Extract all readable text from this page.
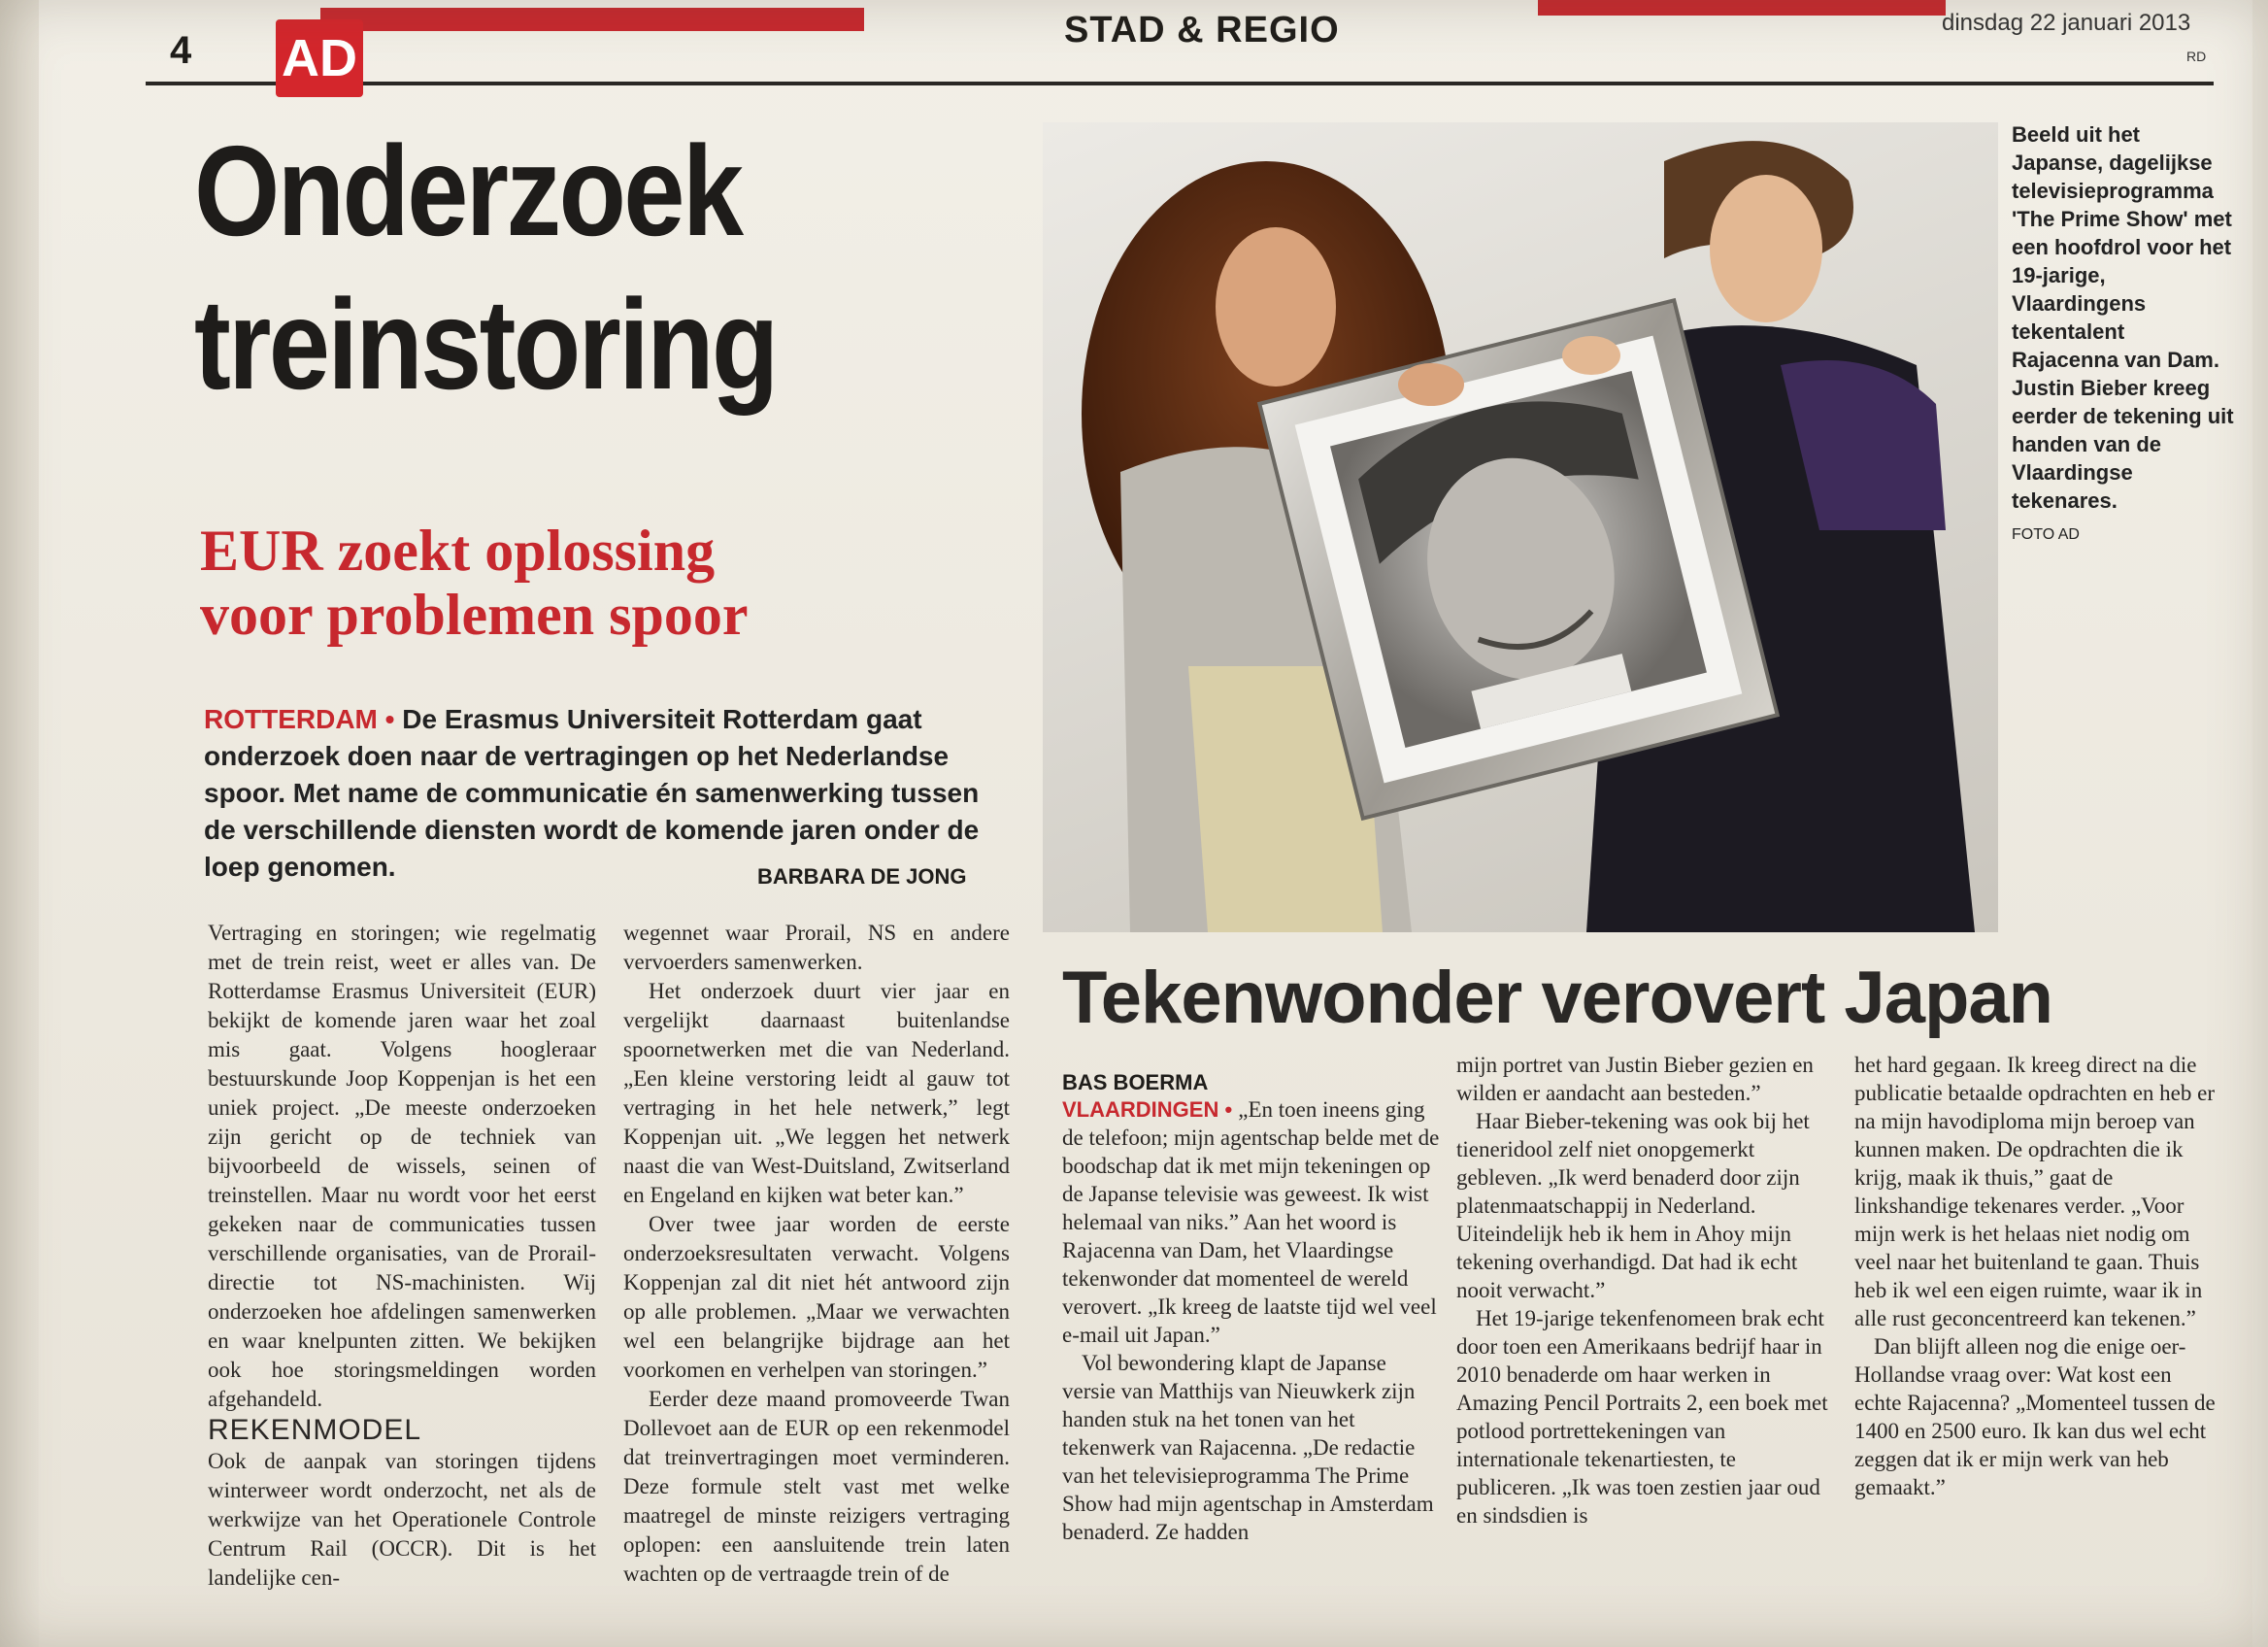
4 AD	STAD & REGIO	dinsdag 22 januari 2013
RD
Onderzoek
treinstoring
EUR zoekt oplossing
voor problemen spoor
ROTTERDAM • De Erasmus Universiteit Rotterdam gaat onderzoek doen naar de vertragingen op het Nederlandse spoor. Met name de communicatie én samenwerking tussen de verschillende diensten wordt de komende jaren onder de loep genomen.	BARBARA DE JONG

Vertraging en storingen; wie regelmatig met de trein reist, weet er alles van. De Rotterdamse Erasmus Universiteit (EUR) bekijkt de komende jaren waar het zoal mis gaat. Volgens hoogleraar bestuurskunde Joop Koppenjan is het een uniek project. „De meeste onderzoeken zijn gericht op de techniek van bijvoorbeeld de wissels, seinen of treinstellen. Maar nu wordt voor het eerst gekeken naar de communicaties tussen verschillende organisaties, van de Proraildirectie tot NS-machinisten. Wij onderzoeken hoe afdelingen samenwerken en waar knelpunten zitten. We bekijken ook hoe storingsmeldingen worden afgehandeld.

REKENMODEL

Ook de aanpak van storingen tijdens winterweer wordt onderzocht, net als de werkwijze van het Operationele Controle Centrum Rail (OCCR). Dit is het landelijke cen-

wegennet waar Prorail, NS en andere vervoerders samenwerken.

Het onderzoek duurt vier jaar en vergelijkt daarnaast buitenlandse spoornetwerken met die van Nederland. „Een kleine verstoring leidt al gauw tot vertraging in het hele netwerk,” legt Koppenjan uit. „We leggen het netwerk naast die van West-Duitsland, Zwitserland en Engeland en kijken wat beter kan.”

Over twee jaar worden de eerste onderzoeksresultaten verwacht. Volgens Koppenjan zal dit niet hét antwoord zijn op alle problemen. „Maar we verwachten wel een belangrijke bijdrage aan het voorkomen en verhelpen van storingen.”

Eerder deze maand promoveerde Twan Dollevoet aan de EUR op een rekenmodel dat treinvertragingen moet verminderen. Deze formule stelt vast met welke maatregel de minste reizigers vertraging oplopen: een aansluitende trein laten wachten op de vertraagde trein of de

Beeld uit het Japanse, dagelijkse televisieprogramma 'The Prime Show' met een hoofdrol voor het 19-jarige, Vlaardingens tekentalent Rajacenna van Dam. Justin Bieber kreeg eerder de tekening uit handen van de Vlaardingse tekenares.
FOTO AD
Tekenwonder verovert Japan
BAS BOERMA

VLAARDINGEN • „En toen ineens ging de telefoon; mijn agentschap belde met de boodschap dat ik met mijn tekeningen op de Japanse televisie was geweest. Ik wist helemaal van niks.” Aan het woord is Rajacenna van Dam, het Vlaardingse tekenwonder dat momenteel de wereld verovert. „Ik kreeg de laatste tijd wel veel e-mail uit Japan.”

Vol bewondering klapt de Japanse versie van Matthijs van Nieuwkerk zijn handen stuk na het tonen van het tekenwerk van Rajacenna. „De redactie van het televisieprogramma The Prime Show had mijn agentschap in Amsterdam benaderd. Ze hadden

mijn portret van Justin Bieber gezien en wilden er aandacht aan besteden.”

Haar Bieber-tekening was ook bij het tieneridool zelf niet onopgemerkt gebleven. „Ik werd benaderd door zijn platenmaatschappij in Nederland. Uiteindelijk heb ik hem in Ahoy mijn tekening overhandigd. Dat had ik echt nooit verwacht.”

Het 19-jarige tekenfenomeen brak echt door toen een Amerikaans bedrijf haar in 2010 benaderde om haar werken in Amazing Pencil Portraits 2, een boek met potlood portrettekeningen van internationale tekenartiesten, te publiceren. „Ik was toen zestien jaar oud en sindsdien is

het hard gegaan. Ik kreeg direct na die publicatie betaalde opdrachten en heb er na mijn havodiploma mijn beroep van kunnen maken. De opdrachten die ik krijg, maak ik thuis,” gaat de linkshandige tekenares verder. „Voor mijn werk is het helaas niet nodig om veel naar het buitenland te gaan. Thuis heb ik wel een eigen ruimte, waar ik in alle rust geconcentreerd kan tekenen.”

Dan blijft alleen nog die enige oer-Hollandse vraag over: Wat kost een echte Rajacenna? „Momenteel tussen de 1400 en 2500 euro. Ik kan dus wel echt zeggen dat ik er mijn werk van heb gemaakt.”
